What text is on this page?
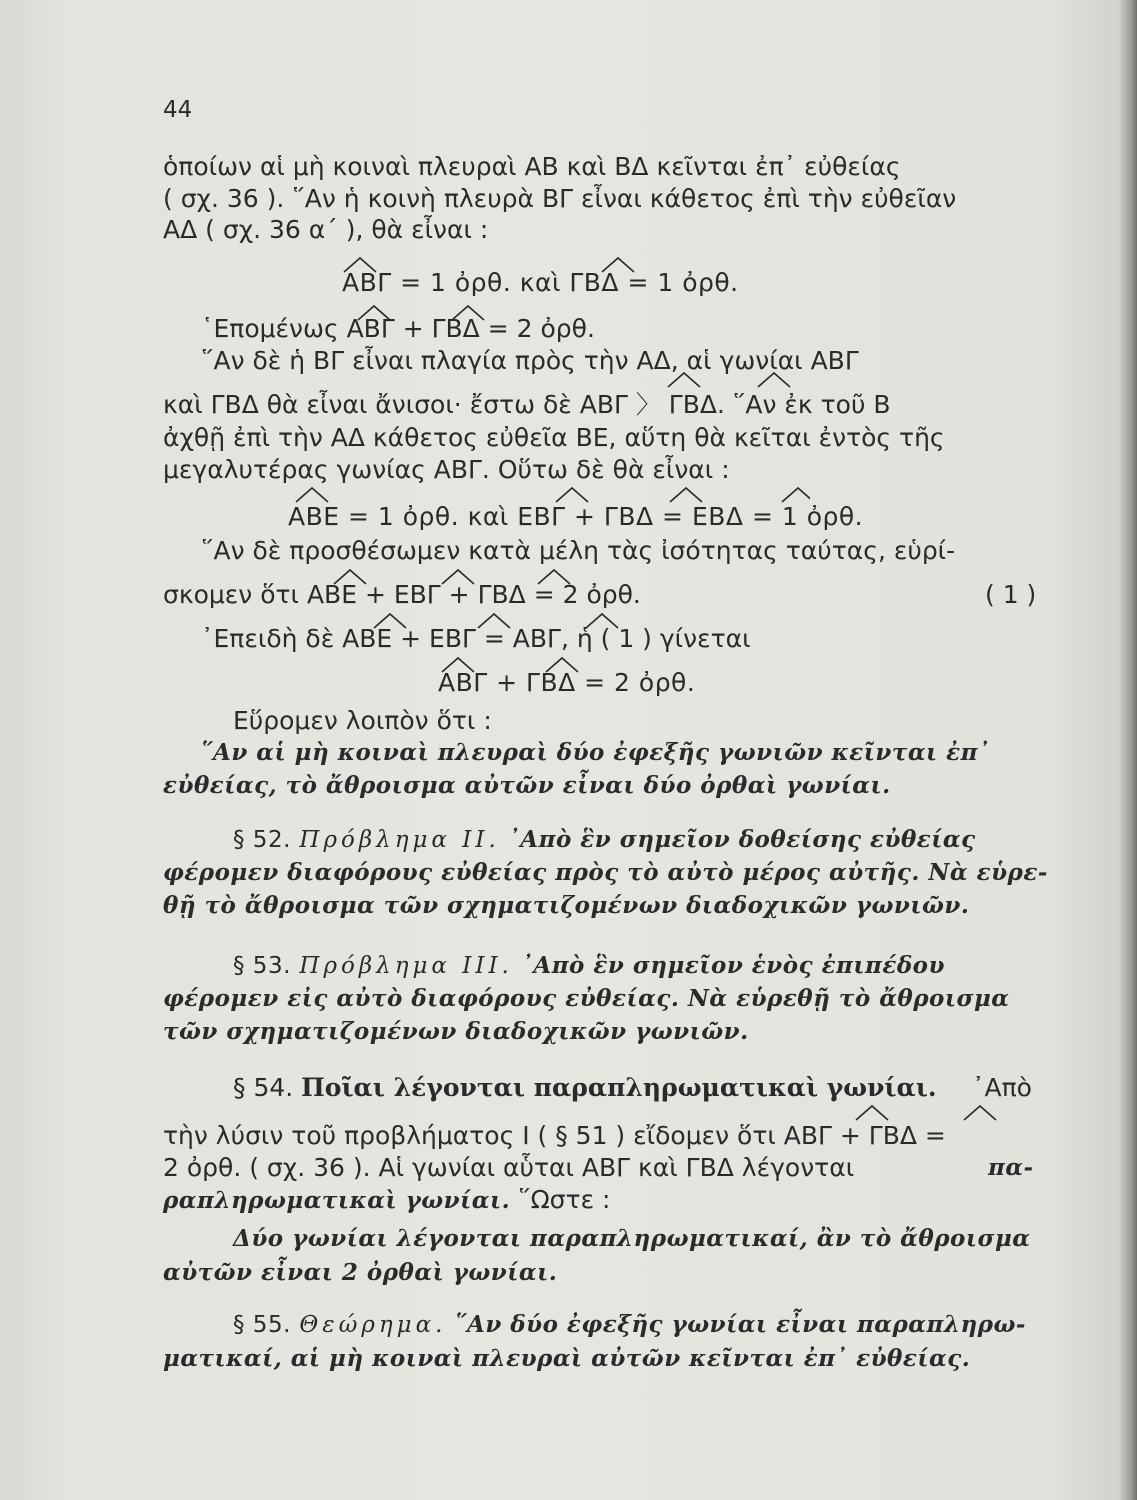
44
ὁποίων αἱ μὴ κοιναὶ πλευραὶ ΑΒ καὶ ΒΔ κεῖνται ἐπ᾽ εὐθείας
( σχ. 36 ). ῞Αν ἡ κοινὴ πλευρὰ ΒΓ εἶναι κάθετος ἐπὶ τὴν εὐθεῖαν
ΑΔ ( σχ. 36 α΄ ), θὰ εἶναι :
ΑΒΓ = 1 ὀρθ. καὶ ΓΒΔ = 1 ὀρθ.
῾Επομένως ΑΒΓ + ΓΒΔ = 2 ὀρθ.
῞Αν δὲ ἡ ΒΓ εἶναι πλαγία πρὸς τὴν ΑΔ, αἱ γωνίαι ΑΒΓ
καὶ ΓΒΔ θὰ εἶναι ἄνισοι· ἔστω δὲ ΑΒΓ 〉 ΓΒΔ. ῞Αν ἐκ τοῦ Β
ἀχθῇ ἐπὶ τὴν ΑΔ κάθετος εὐθεῖα ΒΕ, αὕτη θὰ κεῖται ἐντὸς τῆς
μεγαλυτέρας γωνίας ΑΒΓ. Οὕτω δὲ θὰ εἶναι :
ΑΒΕ = 1 ὀρθ. καὶ ΕΒΓ + ΓΒΔ = ΕΒΔ = 1 ὀρθ.
῞Αν δὲ προσθέσωμεν κατὰ μέλη τὰς ἰσότητας ταύτας, εὑρί-
σκομεν ὅτι ΑΒΕ + ΕΒΓ + ΓΒΔ = 2 ὀρθ.	( 1 )
᾿Επειδὴ δὲ ΑΒΕ + ΕΒΓ = ΑΒΓ, ἡ ( 1 ) γίνεται
ΑΒΓ + ΓΒΔ = 2 ὀρθ.
Εὕρομεν λοιπὸν ὅτι :
῞Αν αἱ μὴ κοιναὶ πλευραὶ δύο ἐφεξῆς γωνιῶν κεῖνται ἐπ᾽
εὐθείας, τὸ ἄθροισμα αὐτῶν εἶναι δύο ὀρθαὶ γωνίαι.
§ 52. Πρόβλημα ΙΙ. ᾿Απὸ ἓν σημεῖον δοθείσης εὐθείας
φέρομεν διαφόρους εὐθείας πρὸς τὸ αὐτὸ μέρος αὐτῆς. Νὰ εὑρε-
θῇ τὸ ἄθροισμα τῶν σχηματιζομένων διαδοχικῶν γωνιῶν.
§ 53. Πρόβλημα ΙΙΙ. ᾿Απὸ ἓν σημεῖον ἑνὸς ἐπιπέδου
φέρομεν εἰς αὐτὸ διαφόρους εὐθείας. Νὰ εὑρεθῇ τὸ ἄθροισμα
τῶν σχηματιζομένων διαδοχικῶν γωνιῶν.
§ 54. Ποῖαι λέγονται παραπληρωματικαὶ γωνίαι. ᾿Απὸ
τὴν λύσιν τοῦ προβλήματος Ι ( § 51 ) εἴδομεν ὅτι ΑΒΓ + ΓΒΔ =
2 ὀρθ. ( σχ. 36 ). Αἱ γωνίαι αὗται ΑΒΓ καὶ ΓΒΔ λέγονται	πα-
ραπληρωματικαὶ γωνίαι. ῞Ωστε :
Δύο γωνίαι λέγονται παραπληρωματικαί, ἂν τὸ ἄθροισμα
αὐτῶν εἶναι 2 ὀρθαὶ γωνίαι.
§ 55. Θεώρημα. ῞Αν δύο ἐφεξῆς γωνίαι εἶναι παραπληρω-
ματικαί, αἱ μὴ κοιναὶ πλευραὶ αὐτῶν κεῖνται ἐπ᾽ εὐθείας.
